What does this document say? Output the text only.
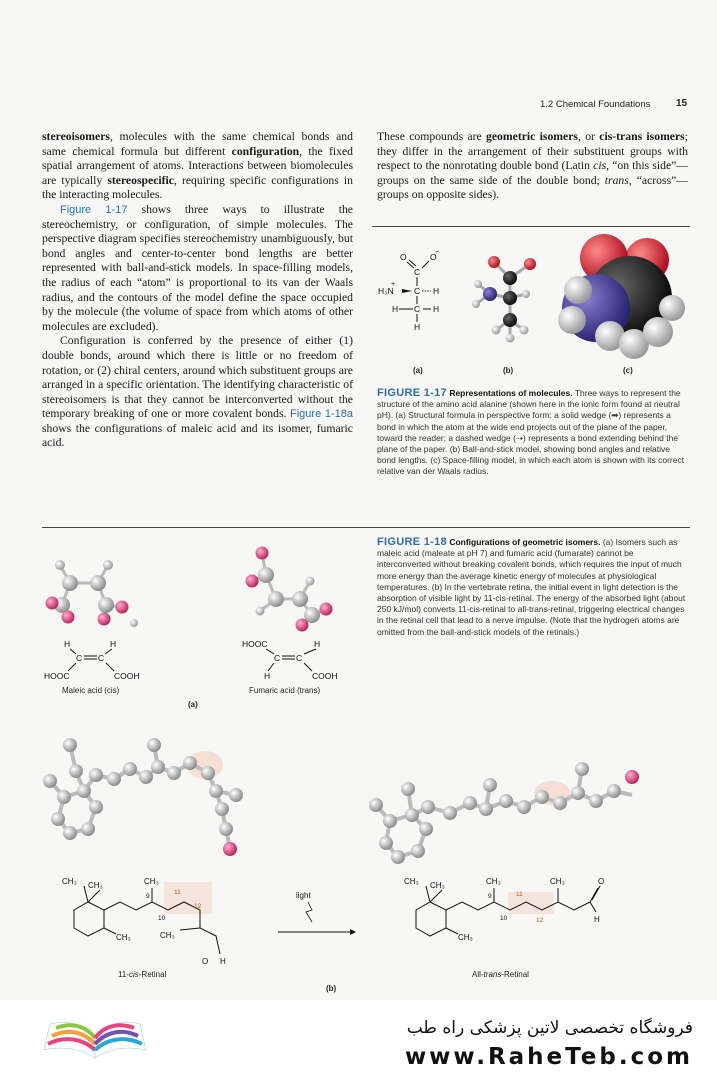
1.2 Chemical Foundations	15

stereoisomers, molecules with the same chemical bonds and same chemical formula but different configuration, the fixed spatial arrangement of atoms. Interactions between biomolecules are typically stereospecific, requiring specific configurations in the interacting molecules.

Figure 1-17 shows three ways to illustrate the stereochemistry, or configuration, of simple molecules. The perspective diagram specifies stereochemistry unambiguously, but bond angles and center-to-center bond lengths are better represented with ball-and-stick models. In space-filling models, the radius of each “atom” is proportional to its van der Waals radius, and the contours of the model define the space occupied by the molecule (the volume of space from which atoms of other molecules are excluded).

Configuration is conferred by the presence of either (1) double bonds, around which there is little or no freedom of rotation, or (2) chiral centers, around which substituent groups are arranged in a specific orientation. The identifying characteristic of stereoisomers is that they cannot be interconverted without the temporary breaking of one or more covalent bonds. Figure 1-18a shows the configurations of maleic acid and its isomer, fumaric acid.

These compounds are geometric isomers, or cis-trans isomers; they differ in the arrangement of their substituent groups with respect to the nonrotating double bond (Latin cis, “on this side”—groups on the same side of the double bond; trans, “across”—groups on opposite sides).

O	O
−
C
H₃N
+
C H
H C H
H
(a)	(b)	(c)
FIGURE 1-17 Representations of molecules. Three ways to represent the structure of the amino acid alanine (shown here in the ionic form found at neutral pH). (a) Structural formula in perspective form: a solid wedge (➡) represents a bond in which the atom at the wide end projects out of the plane of the paper, toward the reader; a dashed wedge (⇢) represents a bond extending behind the plane of the paper. (b) Ball-and-stick model, showing bond angles and relative bond lengths. (c) Space-filling model, in which each atom is shown with its correct relative van der Waals radius.
FIGURE 1-18 Configurations of geometric isomers. (a) Isomers such as maleic acid (maleate at pH 7) and fumaric acid (fumarate) cannot be interconverted without breaking covalent bonds, which requires the input of much more energy than the average kinetic energy of molecules at physiological temperatures. (b) In the vertebrate retina, the initial event in light detection is the absorption of visible light by 11-cis-retinal. The energy of the absorbed light (about 250 kJ/mol) converts 11-cis-retinal to all-trans-retinal, triggering electrical changes in the retinal cell that lead to a nerve impulse. (Note that the hydrogen atoms are omitted from the ball-and-stick models of the retinals.)
H	H
C C
HOOC	COOH
HOOC	H
C C
H	COOH
Maleic acid (cis)	Fumaric acid (trans)
(a)
CH₃ CH₃
CH₃
CH₃
CH₃
9
10
11
12
O H
light
CH₃ CH₃
CH₃
CH₃	CH₃
9
10
11
12
O
H
11-cis-Retinal	All-trans-Retinal
(b)
فروشگاه تخصصی لاتین پزشکی راه طب
www.RaheTeb.com
